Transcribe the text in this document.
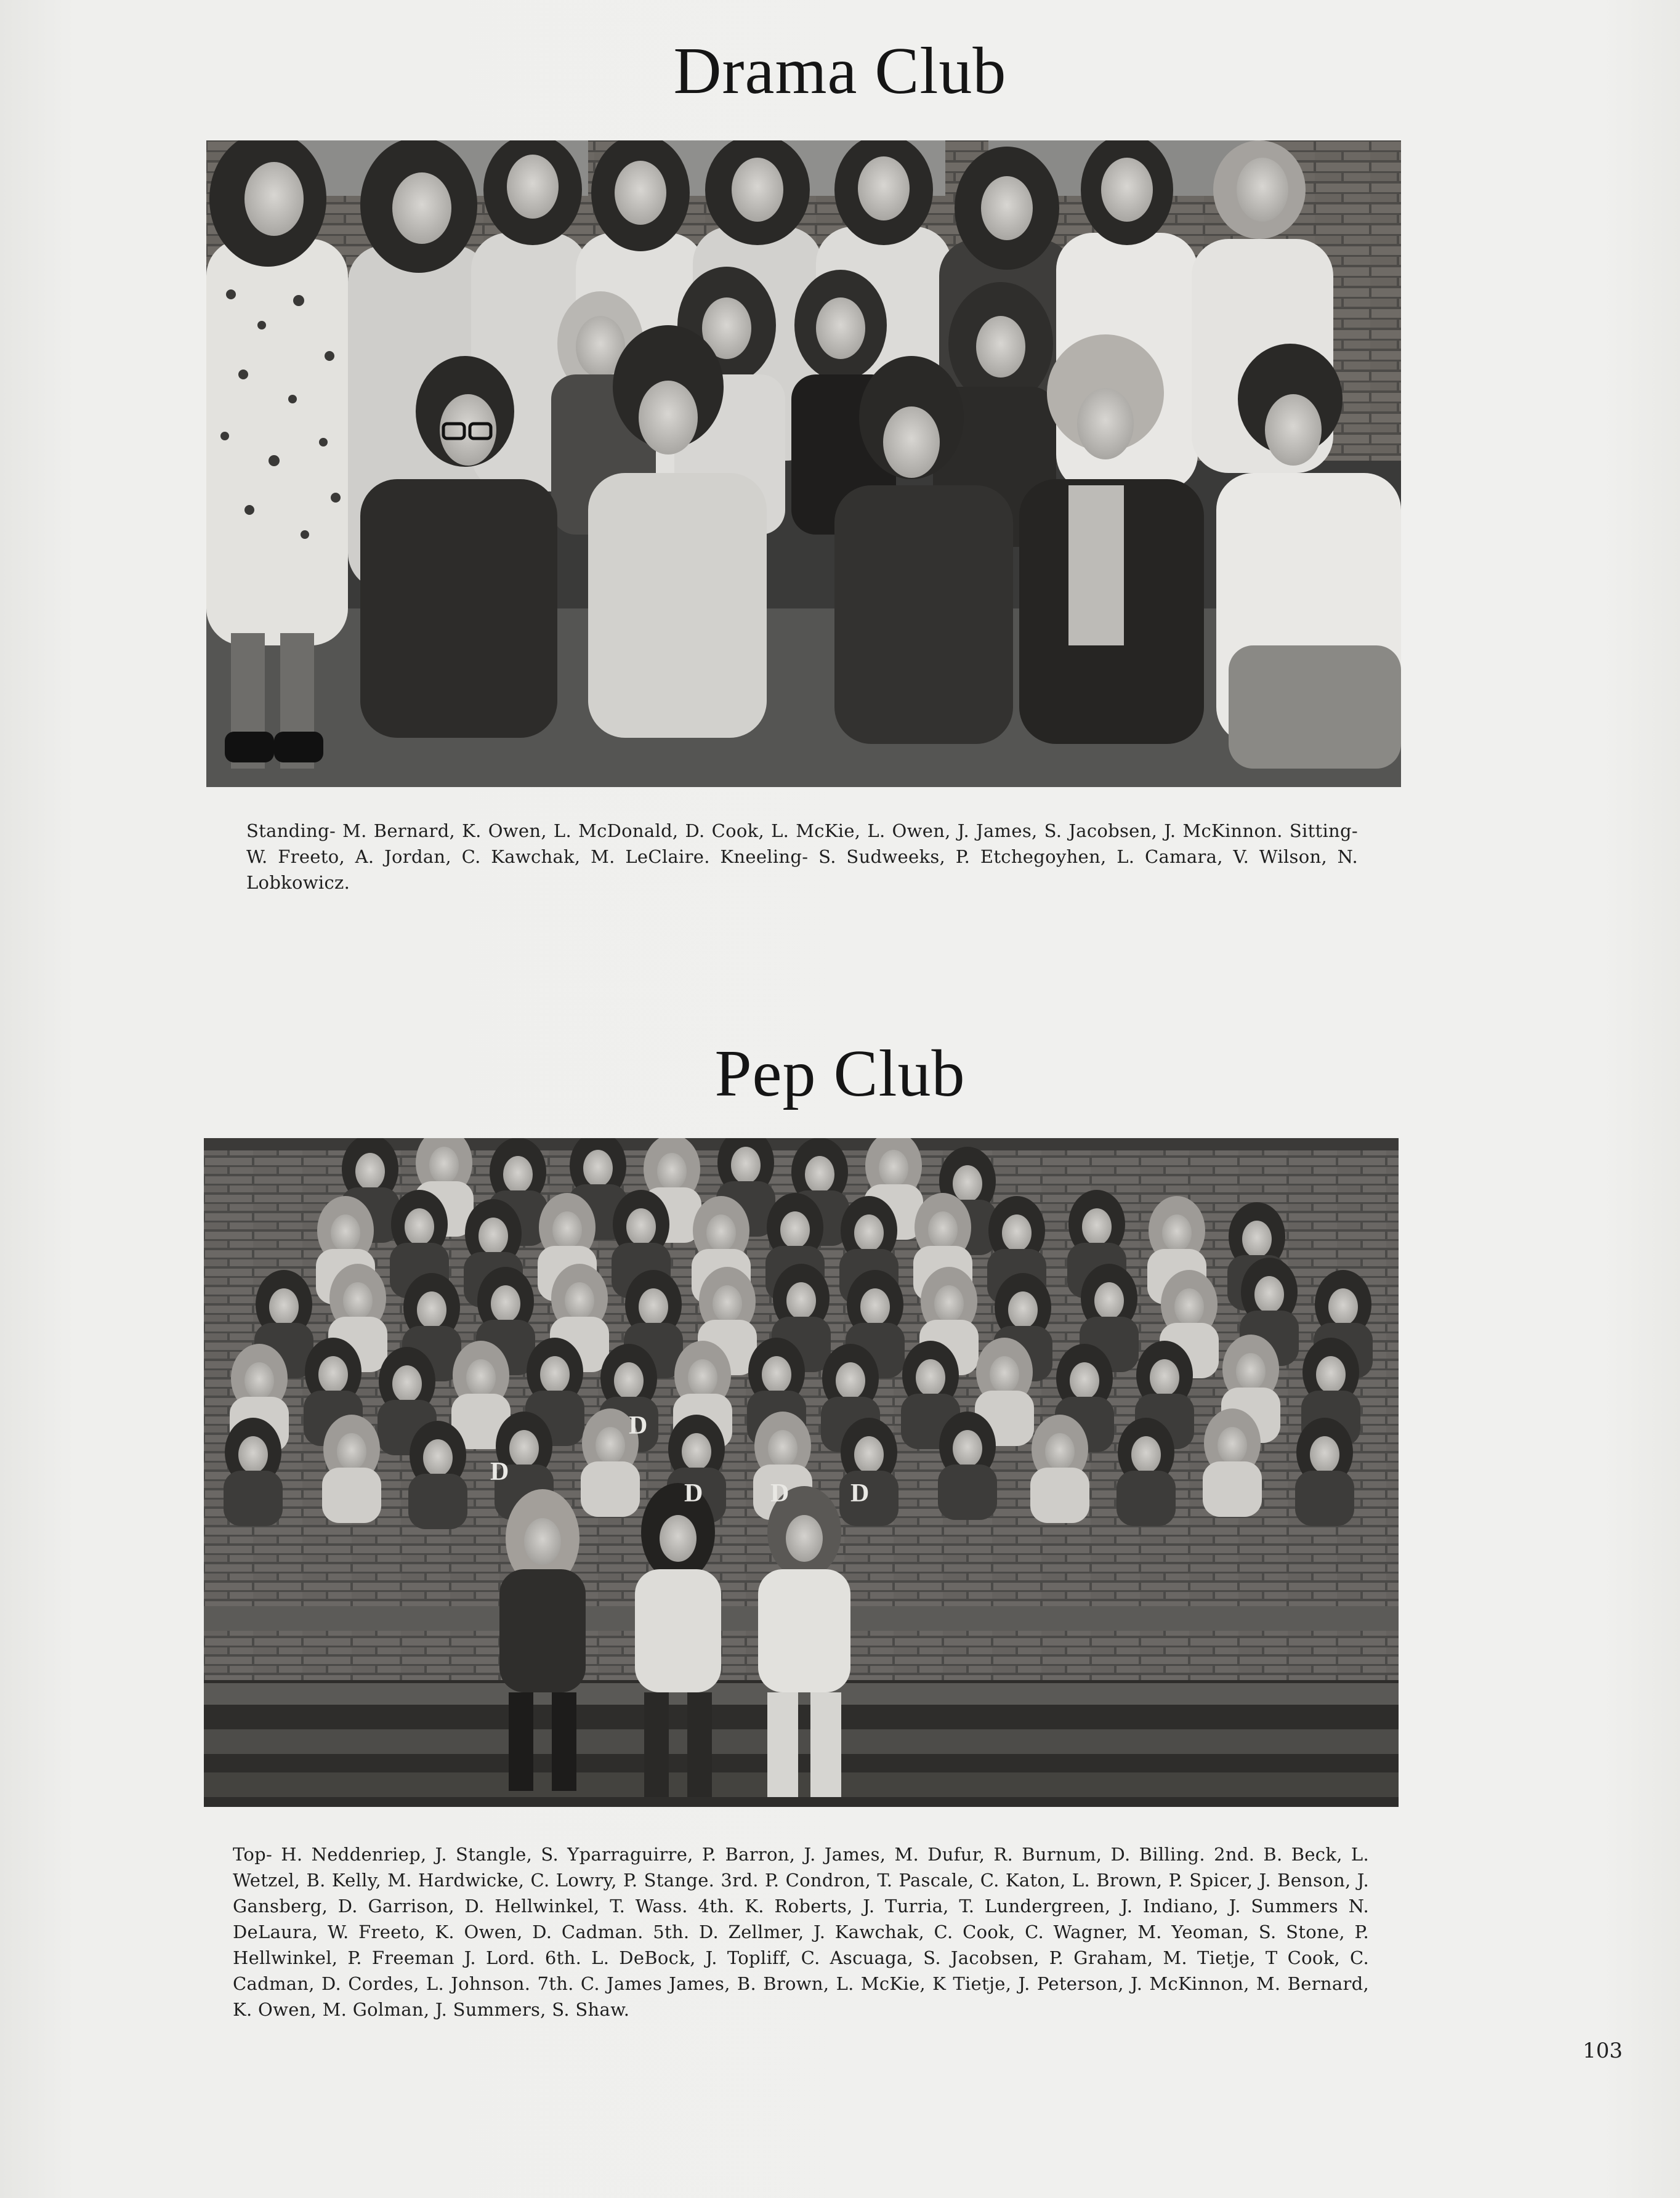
Drama Club
Standing- M. Bernard, K. Owen, L. McDonald, D. Cook, L. McKie, L. Owen, J. James, S. Jacobsen, J. McKinnon. Sitting- W. Freeto, A. Jordan, C. Kawchak, M. LeClaire. Kneeling- S. Sudweeks, P. Etchegoyhen, L. Camara, V. Wilson, N. Lobkowicz.
Pep Club
D
D
D	D D
Top- H. Neddenriep, J. Stangle, S. Yparraguirre, P. Barron, J. James, M. Dufur, R. Burnum, D. Billing. 2nd. B. Beck, L. Wetzel, B. Kelly, M. Hardwicke, C. Lowry, P. Stange. 3rd. P. Condron, T. Pascale, C. Katon, L. Brown, P. Spicer, J. Benson, J. Gansberg, D. Garrison, D. Hellwinkel, T. Wass. 4th. K. Roberts, J. Turria, T. Lundergreen, J. Indiano, J. Summers N. DeLaura, W. Freeto, K. Owen, D. Cadman. 5th. D. Zellmer, J. Kawchak, C. Cook, C. Wagner, M. Yeoman, S. Stone, P. Hellwinkel, P. Freeman J. Lord. 6th. L. DeBock, J. Topliff, C. Ascuaga, S. Jacobsen, P. Graham, M. Tietje, T Cook, C. Cadman, D. Cordes, L. Johnson. 7th. C. James James, B. Brown, L. McKie, K Tietje, J. Peterson, J. McKinnon, M. Bernard, K. Owen, M. Golman, J. Summers, S. Shaw.
103
